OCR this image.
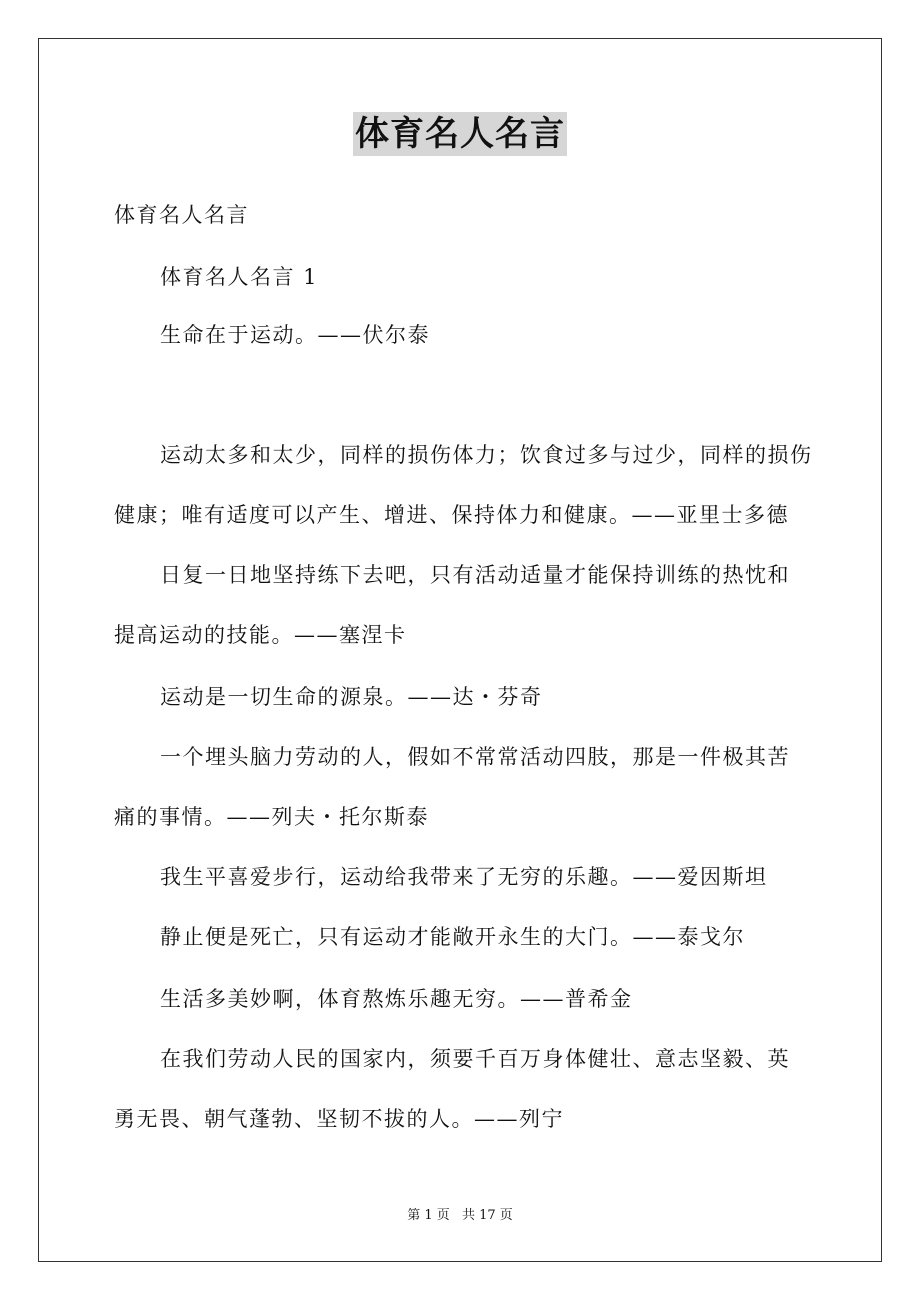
体育名人名言
体育名人名言
体育名人名言 1
生命在于运动。——伏尔泰
运动太多和太少，同样的损伤体力；饮食过多与过少，同样的损伤
健康；唯有适度可以产生、增进、保持体力和健康。——亚里士多德
日复一日地坚持练下去吧，只有活动适量才能保持训练的热忱和
提高运动的技能。——塞涅卡
运动是一切生命的源泉。——达・芬奇
一个埋头脑力劳动的人，假如不常常活动四肢，那是一件极其苦
痛的事情。——列夫・托尔斯泰
我生平喜爱步行，运动给我带来了无穷的乐趣。——爱因斯坦
静止便是死亡，只有运动才能敞开永生的大门。——泰戈尔
生活多美妙啊，体育熬炼乐趣无穷。——普希金
在我们劳动人民的国家内，须要千百万身体健壮、意志坚毅、英
勇无畏、朝气蓬勃、坚韧不拔的人。——列宁
第 1 页 共 17 页
